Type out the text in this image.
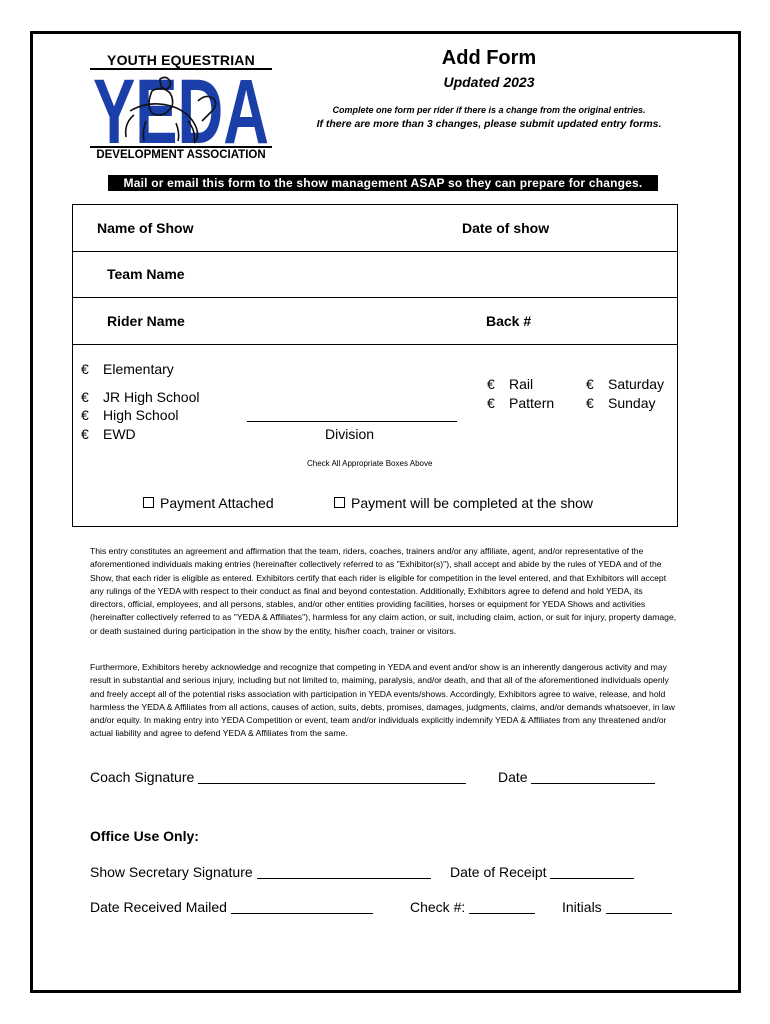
YOUTH EQUESTRIAN
YEDA
DEVELOPMENT ASSOCIATION
Add Form
Updated 2023
Complete one form per rider if there is a change from the original entries.
If there are more than 3 changes, please submit updated entry forms.
Mail or email this form to the show management ASAP so they can prepare for changes.
Name of Show	Date of show
Team Name
Rider Name	Back #
€ Elementary
€ JR High School
€ High School
€ EWD	Division
€ Rail
€ Pattern
€ Saturday
€ Sunday
Check All Appropriate Boxes Above
Payment Attached	Payment will be completed at the show
This entry constitutes an agreement and affirmation that the team, riders, coaches, trainers and/or any affiliate, agent, and/or representative of the aforementioned individuals making entries (hereinafter collectively referred to as "Exhibitor(s)"), shall accept and abide by the rules of YEDA and of the Show, that each rider is eligible as entered. Exhibitors certify that each rider is eligible for competition in the level entered, and that Exhibitors will accept any rulings of the YEDA with respect to their conduct as final and beyond contestation. Additionally, Exhibitors agree to defend and hold YEDA, its directors, official, employees, and all persons, stables, and/or other entities providing facilities, horses or equipment for YEDA Shows and activities (hereinafter collectively referred to as "YEDA & Affiliates"), harmless for any claim action, or suit, including claim, action, or suit for injury, property damage, or death sustained during participation in the show by the entity, his/her coach, trainer or visitors.
Furthermore, Exhibitors hereby acknowledge and recognize that competing in YEDA and event and/or show is an inherently dangerous activity and may result in substantial and serious injury, including but not limited to, maiming, paralysis, and/or death, and that all of the aforementioned individuals openly and freely accept all of the potential risks association with participation in YEDA events/shows. Accordingly, Exhibitors agree to waive, release, and hold harmless the YEDA & Affiliates from all actions, causes of action, suits, debts, promises, damages, judgments, claims, and/or demands whatsoever, in law and/or equity. In making entry into YEDA Competition or event, team and/or individuals explicitly indemnify YEDA & Affiliates from any threatened and/or actual liability and agree to defend YEDA & Affiliates from the same.
Coach Signature	Date
Office Use Only:
Show Secretary Signature	Date of Receipt
Date Received Mailed	Check #:	Initials
